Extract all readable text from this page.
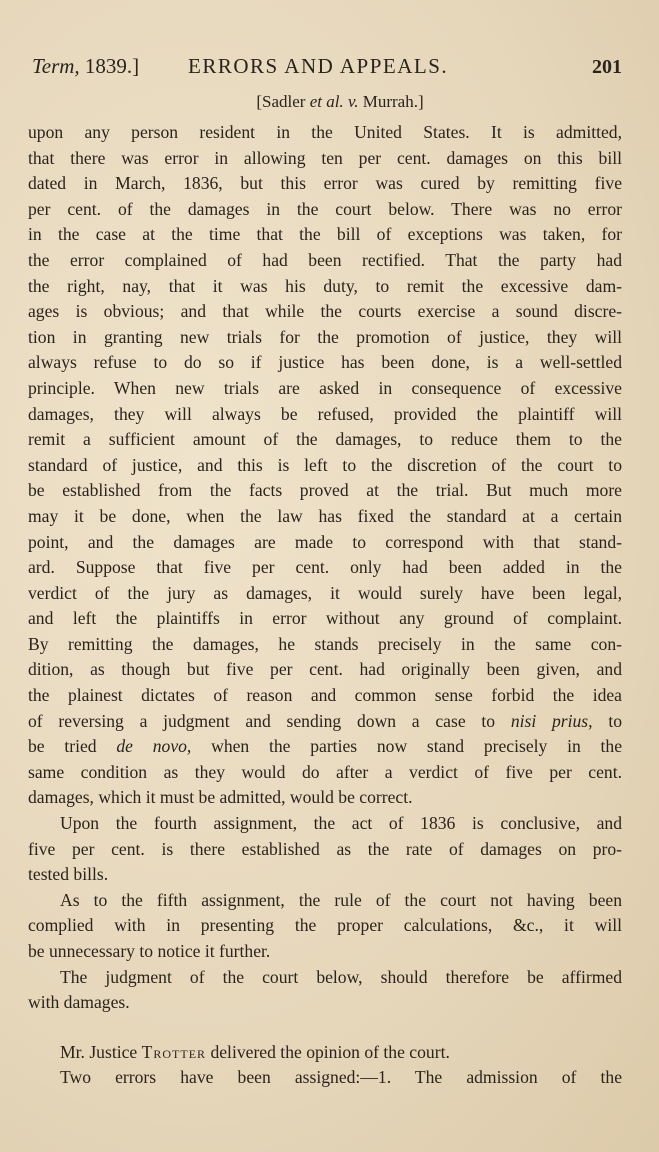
Term, 1839.] ERRORS AND APPEALS.	201
[Sadler et al. v. Murrah.]
upon any person resident in the United States. It is admitted,
that there was error in allowing ten per cent. damages on this bill
dated in March, 1836, but this error was cured by remitting five
per cent. of the damages in the court below. There was no error
in the case at the time that the bill of exceptions was taken, for
the error complained of had been rectified. That the party had
the right, nay, that it was his duty, to remit the excessive dam-
ages is obvious; and that while the courts exercise a sound discre-
tion in granting new trials for the promotion of justice, they will
always refuse to do so if justice has been done, is a well-settled
principle. When new trials are asked in consequence of excessive
damages, they will always be refused, provided the plaintiff will
remit a sufficient amount of the damages, to reduce them to the
standard of justice, and this is left to the discretion of the court to
be established from the facts proved at the trial. But much more
may it be done, when the law has fixed the standard at a certain
point, and the damages are made to correspond with that stand-
ard. Suppose that five per cent. only had been added in the
verdict of the jury as damages, it would surely have been legal,
and left the plaintiffs in error without any ground of complaint.
By remitting the damages, he stands precisely in the same con-
dition, as though but five per cent. had originally been given, and
the plainest dictates of reason and common sense forbid the idea
of reversing a judgment and sending down a case to nisi prius, to
be tried de novo, when the parties now stand precisely in the
same condition as they would do after a verdict of five per cent.
damages, which it must be admitted, would be correct.
Upon the fourth assignment, the act of 1836 is conclusive, and
five per cent. is there established as the rate of damages on pro-
tested bills.
As to the fifth assignment, the rule of the court not having been
complied with in presenting the proper calculations, &c., it will
be unnecessary to notice it further.
The judgment of the court below, should therefore be affirmed
with damages.
Mr. Justice Trotter delivered the opinion of the court.
Two errors have been assigned:—1. The admission of the
